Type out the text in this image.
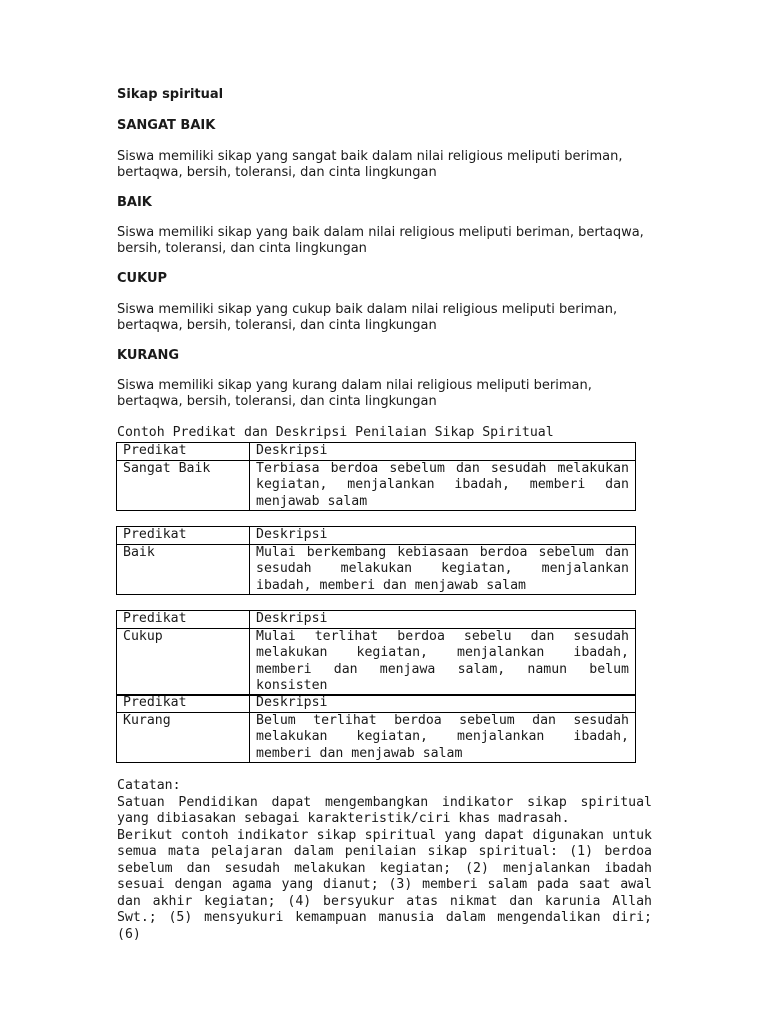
Sikap spiritual
SANGAT BAIK
Siswa memiliki sikap yang sangat baik dalam nilai religious meliputi beriman, bertaqwa, bersih, toleransi, dan cinta lingkungan
BAIK
Siswa memiliki sikap yang baik dalam nilai religious meliputi beriman, bertaqwa, bersih, toleransi, dan cinta lingkungan
CUKUP
Siswa memiliki sikap yang cukup baik dalam nilai religious meliputi beriman, bertaqwa, bersih, toleransi, dan cinta lingkungan
KURANG
Siswa memiliki sikap yang kurang dalam nilai religious meliputi beriman, bertaqwa, bersih, toleransi, dan cinta lingkungan
Contoh Predikat dan Deskripsi Penilaian Sikap Spiritual
Predikat	Deskripsi
Sangat Baik	Terbiasa berdoa sebelum dan sesudah melakukan kegiatan, menjalankan ibadah, memberi dan menjawab salam
Predikat	Deskripsi
Baik	Mulai berkembang kebiasaan berdoa sebelum dan sesudah melakukan kegiatan, menjalankan ibadah, memberi dan menjawab salam
Predikat	Deskripsi
Cukup	Mulai terlihat berdoa sebelu dan sesudah melakukan kegiatan, menjalankan ibadah, memberi dan menjawa salam, namun belum konsisten
Predikat	Deskripsi
Kurang	Belum terlihat berdoa sebelum dan sesudah melakukan kegiatan, menjalankan ibadah, memberi dan menjawab salam

Catatan:

Satuan Pendidikan dapat mengembangkan indikator sikap spiritual yang dibiasakan sebagai karakteristik/ciri khas madrasah.

Berikut contoh indikator sikap spiritual yang dapat digunakan untuk semua mata pelajaran dalam penilaian sikap spiritual: (1) berdoa sebelum dan sesudah melakukan kegiatan; (2) menjalankan ibadah sesuai dengan agama yang dianut; (3) memberi salam pada saat awal dan akhir kegiatan; (4) bersyukur atas nikmat dan karunia Allah Swt.; (5) mensyukuri kemampuan manusia dalam mengendalikan diri; (6)
